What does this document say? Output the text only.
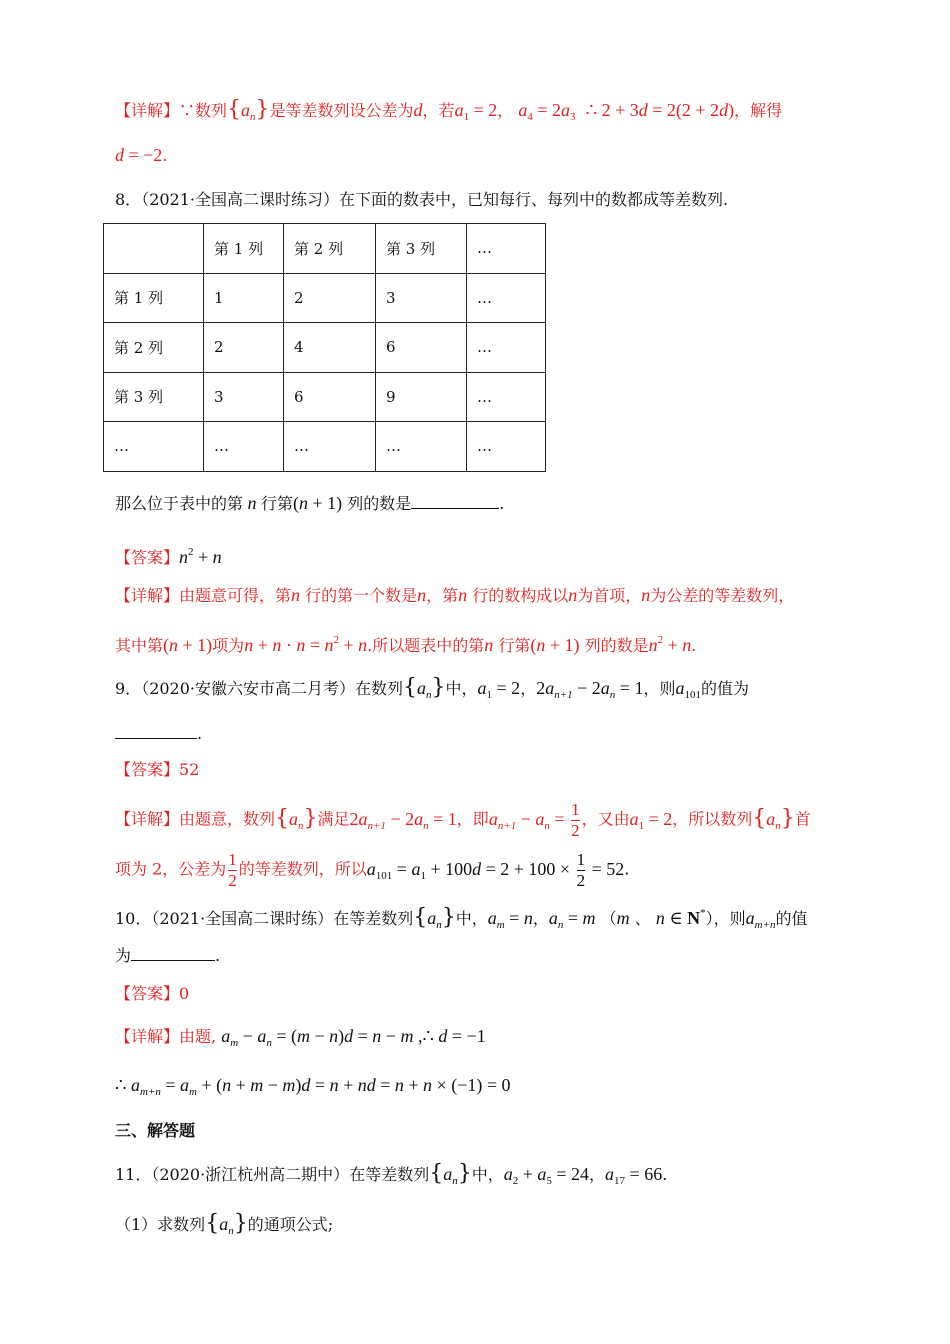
【详解】∵数列$\{a_n\}$是等差数列设公差为d，若$a_1 = 2$， $a_4 = 2a_3$ ∴ 2 + 3d = 2(2 + 2d)，解得
d = −2.
8．（2021·全国高二课时练习）在下面的数表中，已知每行、每列中的数都成等差数列.
	第 1 列	第 2 列	第 3 列	…
第 1 列	1	2	3	…
第 2 列	2	4	6	…
第 3 列	3	6	9	…
…	…	…	…	…
那么位于表中的第 n 行第(n + 1) 列的数是	.
【答案】$n^2 + n$
【详解】由题意可得，第n 行的第一个数是n，第n 行的数构成以n为首项，n为公差的等差数列，
其中第(n + 1)项为$n + n \cdot n = n^2 + n$.所以题表中的第n 行第(n + 1) 列的数是$n^2 + n$.
9．（2020·安徽六安市高二月考）在数列$\{a_n\}$中，$a_1 = 2$，$2a_{n+1} - 2a_n = 1$，则$a_{101}$的值为
.
【答案】52
【详解】由题意，数列$\{a_n\}$满足$2a_{n+1} - 2a_n = 1$，即$a_{n+1} - a_n = \frac{1}{2}$ ，又由$a_1 = 2$，所以数列$\{a_n\}$首
项为 2，公差为 $\frac{1}{2}$ 的等差数列，所以$a_{101} = a_1 + 100d = 2 + 100 \times \frac{1}{2} = 52$.
10．（2021·全国高二课时练）在等差数列$\{a_n\}$中，$a_m = n$，$a_n = m$ （m 、 n ∈ N*），则$a_{m+n}$的值
为	.
【答案】0
【详解】由题, $a_m - a_n = (m - n)d = n - m$ ,∴ d = −1
∴ $a_{m+n} = a_m + (n + m - m)d = n$ + nd = n + n × (−1) = 0
三、解答题
11．（2020·浙江杭州高二期中）在等差数列$\{a_n\}$中，$a_2 + a_5 = 24$，$a_{17} = 66$.
（1）求数列$\{a_n\}$的通项公式;
